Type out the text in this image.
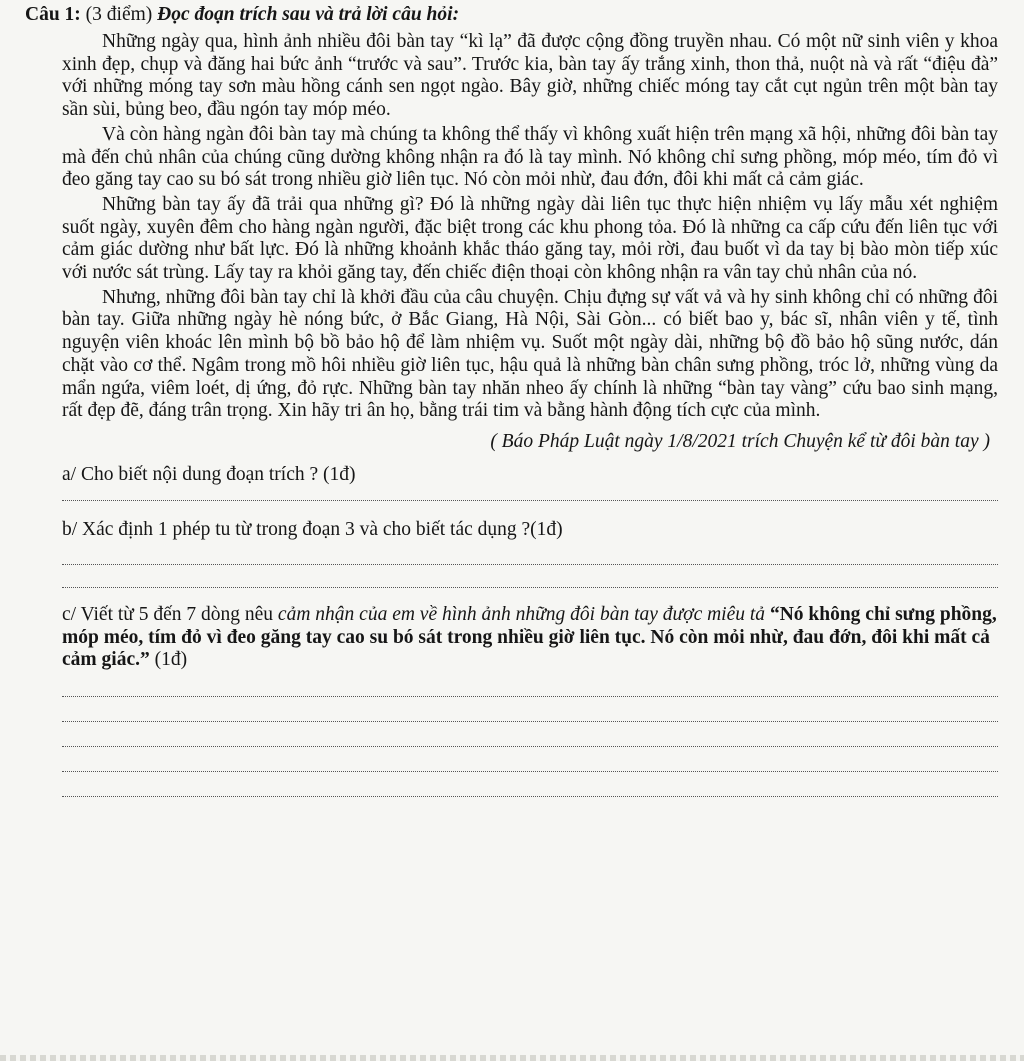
Câu 1: (3 điểm) Đọc đoạn trích sau và trả lời câu hỏi:

Những ngày qua, hình ảnh nhiều đôi bàn tay “kì lạ” đã được cộng đồng truyền nhau. Có một nữ sinh viên y khoa xinh đẹp, chụp và đăng hai bức ảnh “trước và sau”. Trước kia, bàn tay ấy trắng xinh, thon thả, nuột nà và rất “điệu đà” với những móng tay sơn màu hồng cánh sen ngọt ngào. Bây giờ, những chiếc móng tay cắt cụt ngủn trên một bàn tay sần sùi, bủng beo, đầu ngón tay móp méo.

Và còn hàng ngàn đôi bàn tay mà chúng ta không thể thấy vì không xuất hiện trên mạng xã hội, những đôi bàn tay mà đến chủ nhân của chúng cũng dường không nhận ra đó là tay mình. Nó không chỉ sưng phồng, móp méo, tím đỏ vì đeo găng tay cao su bó sát trong nhiều giờ liên tục. Nó còn mỏi nhừ, đau đớn, đôi khi mất cả cảm giác.

Những bàn tay ấy đã trải qua những gì? Đó là những ngày dài liên tục thực hiện nhiệm vụ lấy mẫu xét nghiệm suốt ngày, xuyên đêm cho hàng ngàn người, đặc biệt trong các khu phong tỏa. Đó là những ca cấp cứu đến liên tục với cảm giác dường như bất lực. Đó là những khoảnh khắc tháo găng tay, mỏi rời, đau buốt vì da tay bị bào mòn tiếp xúc với nước sát trùng. Lấy tay ra khỏi găng tay, đến chiếc điện thoại còn không nhận ra vân tay chủ nhân của nó.

Nhưng, những đôi bàn tay chỉ là khởi đầu của câu chuyện. Chịu đựng sự vất vả và hy sinh không chỉ có những đôi bàn tay. Giữa những ngày hè nóng bức, ở Bắc Giang, Hà Nội, Sài Gòn... có biết bao y, bác sĩ, nhân viên y tế, tình nguyện viên khoác lên mình bộ bồ bảo hộ để làm nhiệm vụ. Suốt một ngày dài, những bộ đồ bảo hộ sũng nước, dán chặt vào cơ thể. Ngâm trong mồ hôi nhiều giờ liên tục, hậu quả là những bàn chân sưng phồng, tróc lở, những vùng da mẩn ngứa, viêm loét, dị ứng, đỏ rực. Những bàn tay nhăn nheo ấy chính là những “bàn tay vàng” cứu bao sinh mạng, rất đẹp đẽ, đáng trân trọng. Xin hãy tri ân họ, bằng trái tim và bằng hành động tích cực của mình.

( Báo Pháp Luật ngày 1/8/2021 trích Chuyện kể từ đôi bàn tay )

a/ Cho biết nội dung đoạn trích ? (1đ)

b/ Xác định 1 phép tu từ trong đoạn 3 và cho biết tác dụng ?(1đ)

c/ Viết từ 5 đến 7 dòng nêu cảm nhận của em về hình ảnh những đôi bàn tay được miêu tả “Nó không chỉ sưng phồng, móp méo, tím đỏ vì đeo găng tay cao su bó sát trong nhiều giờ liên tục. Nó còn mỏi nhừ, đau đớn, đôi khi mất cả cảm giác.” (1đ)
